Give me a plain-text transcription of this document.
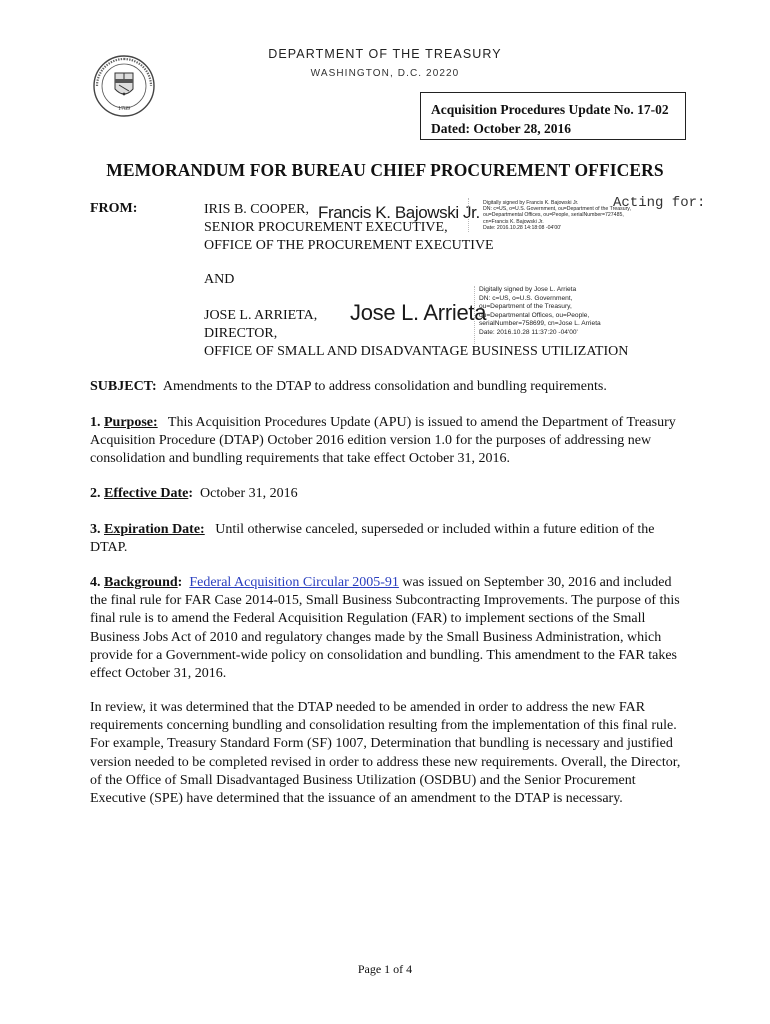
DEPARTMENT OF THE TREASURY
WASHINGTON, D.C. 20220
1789	Acquisition Procedures Update No. 17-02
Dated: October 28, 2016
MEMORANDUM FOR BUREAU CHIEF PROCUREMENT OFFICERS
Acting for:
FROM:	IRIS B. COOPER,
SENIOR PROCUREMENT EXECUTIVE,
OFFICE OF THE PROCUREMENT EXECUTIVE
Francis K. Bajowski Jr. Digitally signed by Francis K. Bajowski Jr.
DN: c=US, o=U.S. Government, ou=Department of the Treasury,
ou=Departmental Offices, ou=People, serialNumber=727485,
cn=Francis K. Bajowski Jr.
Date: 2016.10.28 14:18:08 -04'00'
AND
JOSE L. ARRIETA,
DIRECTOR,
OFFICE OF SMALL AND DISADVANTAGE BUSINESS UTILIZATION
Jose L. Arrieta
Digitally signed by Jose L. Arrieta
DN: c=US, o=U.S. Government,
ou=Department of the Treasury,
ou=Departmental Offices, ou=People,
serialNumber=758699, cn=Jose L. Arrieta
Date: 2016.10.28 11:37:20 -04'00'
SUBJECT: Amendments to the DTAP to address consolidation and bundling requirements.
1. Purpose: This Acquisition Procedures Update (APU) is issued to amend the Department of Treasury Acquisition Procedure (DTAP) October 2016 edition version 1.0 for the purposes of addressing new consolidation and bundling requirements that take effect October 31, 2016.
2. Effective Date: October 31, 2016
3. Expiration Date: Until otherwise canceled, superseded or included within a future edition of the DTAP.
4. Background: Federal Acquisition Circular 2005-91 was issued on September 30, 2016 and included the final rule for FAR Case 2014-015, Small Business Subcontracting Improvements. The purpose of this final rule is to amend the Federal Acquisition Regulation (FAR) to implement sections of the Small Business Jobs Act of 2010 and regulatory changes made by the Small Business Administration, which provide for a Government-wide policy on consolidation and bundling. This amendment to the FAR takes effect October 31, 2016.
In review, it was determined that the DTAP needed to be amended in order to address the new FAR requirements concerning bundling and consolidation resulting from the implementation of this final rule. For example, Treasury Standard Form (SF) 1007, Determination that bundling is necessary and justified version needed to be completed revised in order to address these new requirements. Overall, the Director, of the Office of Small Disadvantaged Business Utilization (OSDBU) and the Senior Procurement Executive (SPE) have determined that the issuance of an amendment to the DTAP is necessary.
Page 1 of 4
